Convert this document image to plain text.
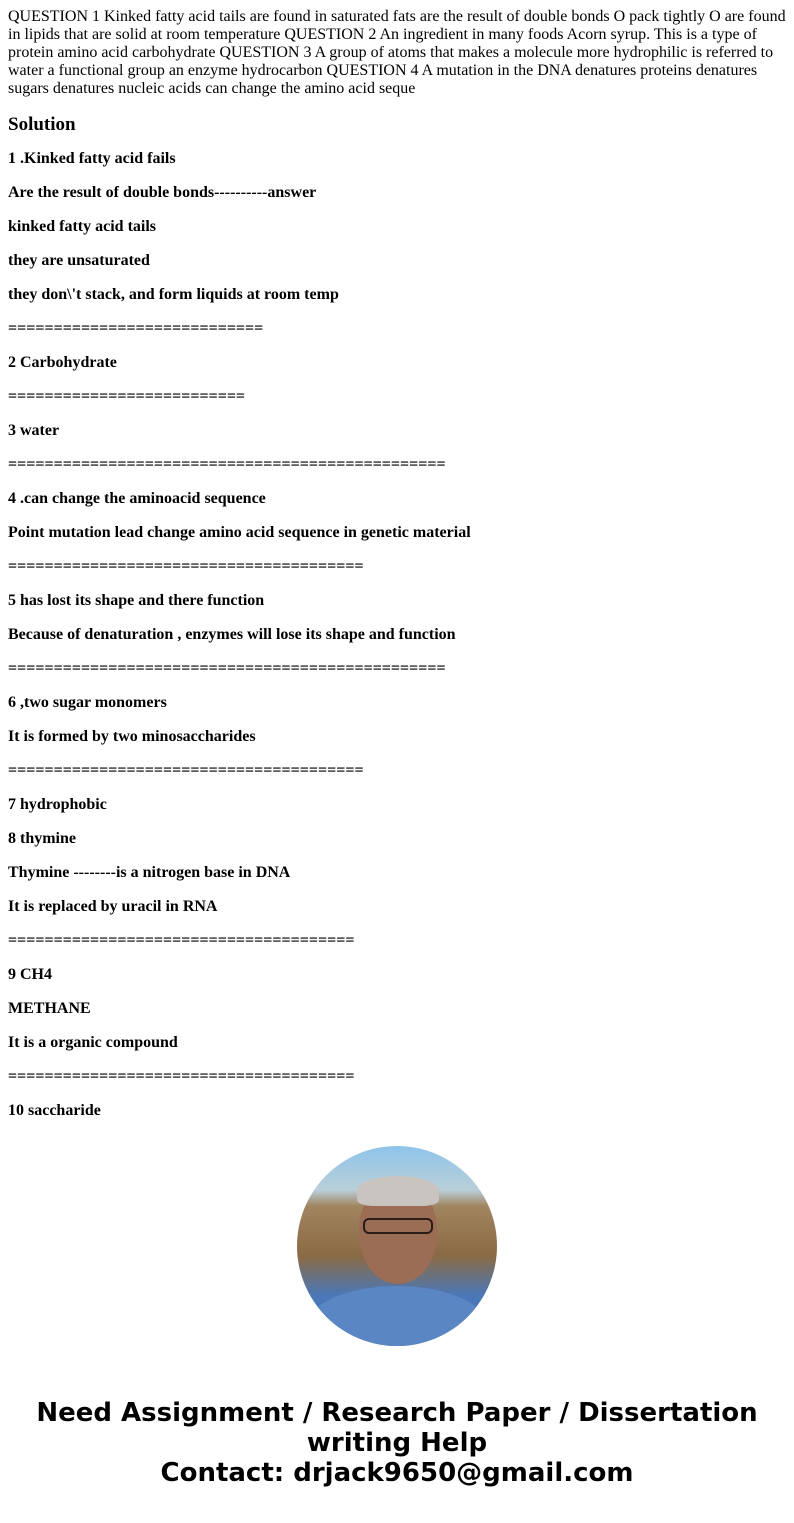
QUESTION 1 Kinked fatty acid tails are found in saturated fats are the result of double bonds O pack tightly O are found in lipids that are solid at room temperature QUESTION 2 An ingredient in many foods Acorn syrup. This is a type of protein amino acid carbohydrate QUESTION 3 A group of atoms that makes a molecule more hydrophilic is referred to water a functional group an enzyme hydrocarbon QUESTION 4 A mutation in the DNA denatures proteins denatures sugars denatures nucleic acids can change the amino acid seque

Solution

1 .Kinked fatty acid fails

Are the result of double bonds----------answer

kinked fatty acid tails

they are unsaturated

they don\'t stack, and form liquids at room temp

============================

2 Carbohydrate

==========================

3 water

================================================

4 .can change the aminoacid sequence

Point mutation lead change amino acid sequence in genetic material

=======================================

5 has lost its shape and there function

Because of denaturation , enzymes will lose its shape and function

================================================

6 ,two sugar monomers

It is formed by two minosaccharides

=======================================

7 hydrophobic

8 thymine

Thymine --------is a nitrogen base in DNA

It is replaced by uracil in RNA

======================================

9 CH4

METHANE

It is a organic compound

======================================

10 saccharide

Need Assignment / Research Paper / Dissertation writing Help
Contact: drjack9650@gmail.com
